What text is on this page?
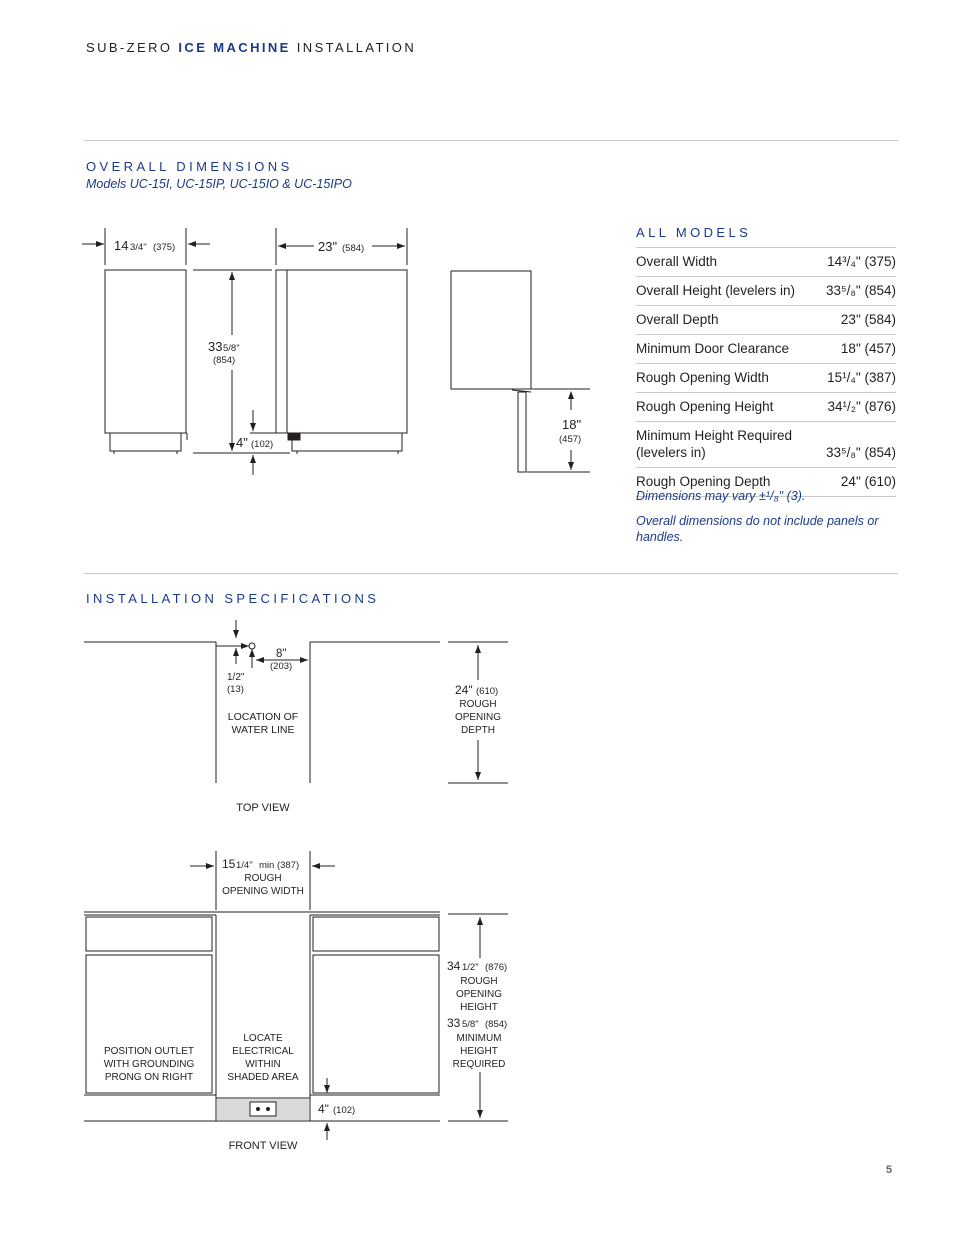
SUB-ZERO ICE MACHINE INSTALLATION
OVERALL DIMENSIONS
Models UC-15I, UC-15IP, UC-15IO & UC-15IPO
14 3/4" (375)	23" (584)
33 5/8"
(854)
4" (102)
18"
(457)
ALL MODELS
Overall Width	14³/₄" (375)
Overall Height (levelers in) 33⁵/₈" (854)
Overall Depth	23" (584)
Minimum Door Clearance	18" (457)
Rough Opening Width	15¹/₄" (387)
Rough Opening Height	34¹/₂" (876)
Minimum Height Required (levelers in)	33⁵/₈" (854)
Rough Opening Depth	24" (610)
Dimensions may vary ±¹/₈" (3).
Overall dimensions do not include panels or handles.
INSTALLATION SPECIFICATIONS
8"
(203)
1/2"
(13)
LOCATION OF
WATER LINE
24" (610)
ROUGH
OPENING
DEPTH
TOP VIEW
15 1/4" min (387)
ROUGH
OPENING WIDTH
POSITION OUTLET
WITH GROUNDING
PRONG ON RIGHT
LOCATE
ELECTRICAL
WITHIN
SHADED AREA
34 1/2" (876)
ROUGH
OPENING
HEIGHT
33 5/8" (854)
MINIMUM
HEIGHT
REQUIRED
4" (102)
FRONT VIEW
5
